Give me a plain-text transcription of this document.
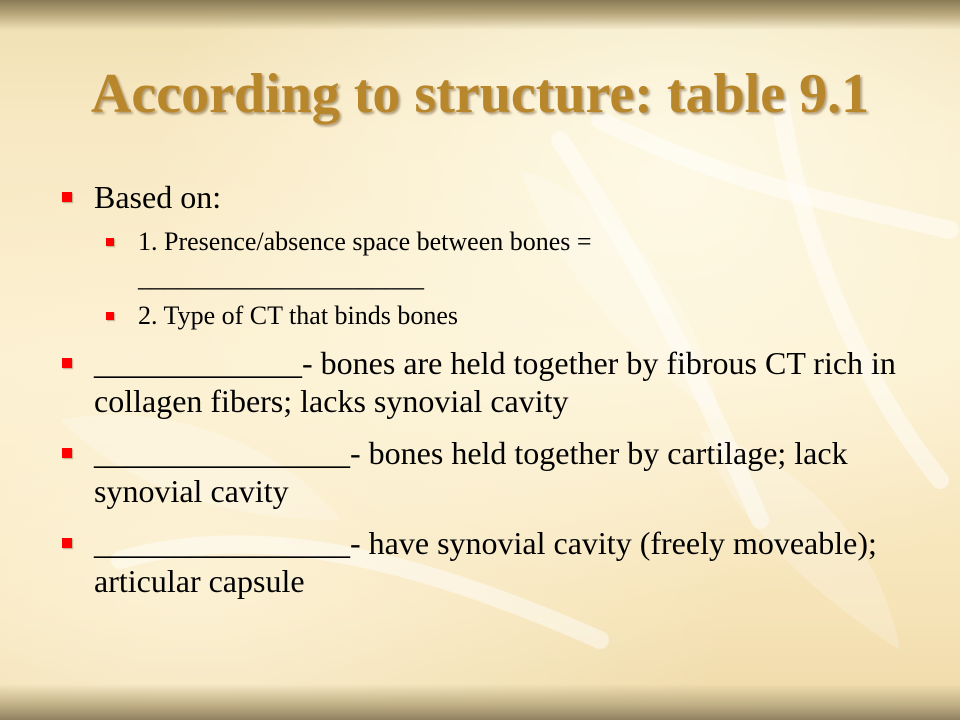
According to structure: table 9.1
Based on:
1. Presence/absence space between bones = ______________________
2. Type of CT that binds bones
_____________- bones are held together by fibrous CT rich in collagen fibers; lacks synovial cavity
________________- bones held together by cartilage; lack synovial cavity
________________- have synovial cavity (freely moveable); articular capsule
